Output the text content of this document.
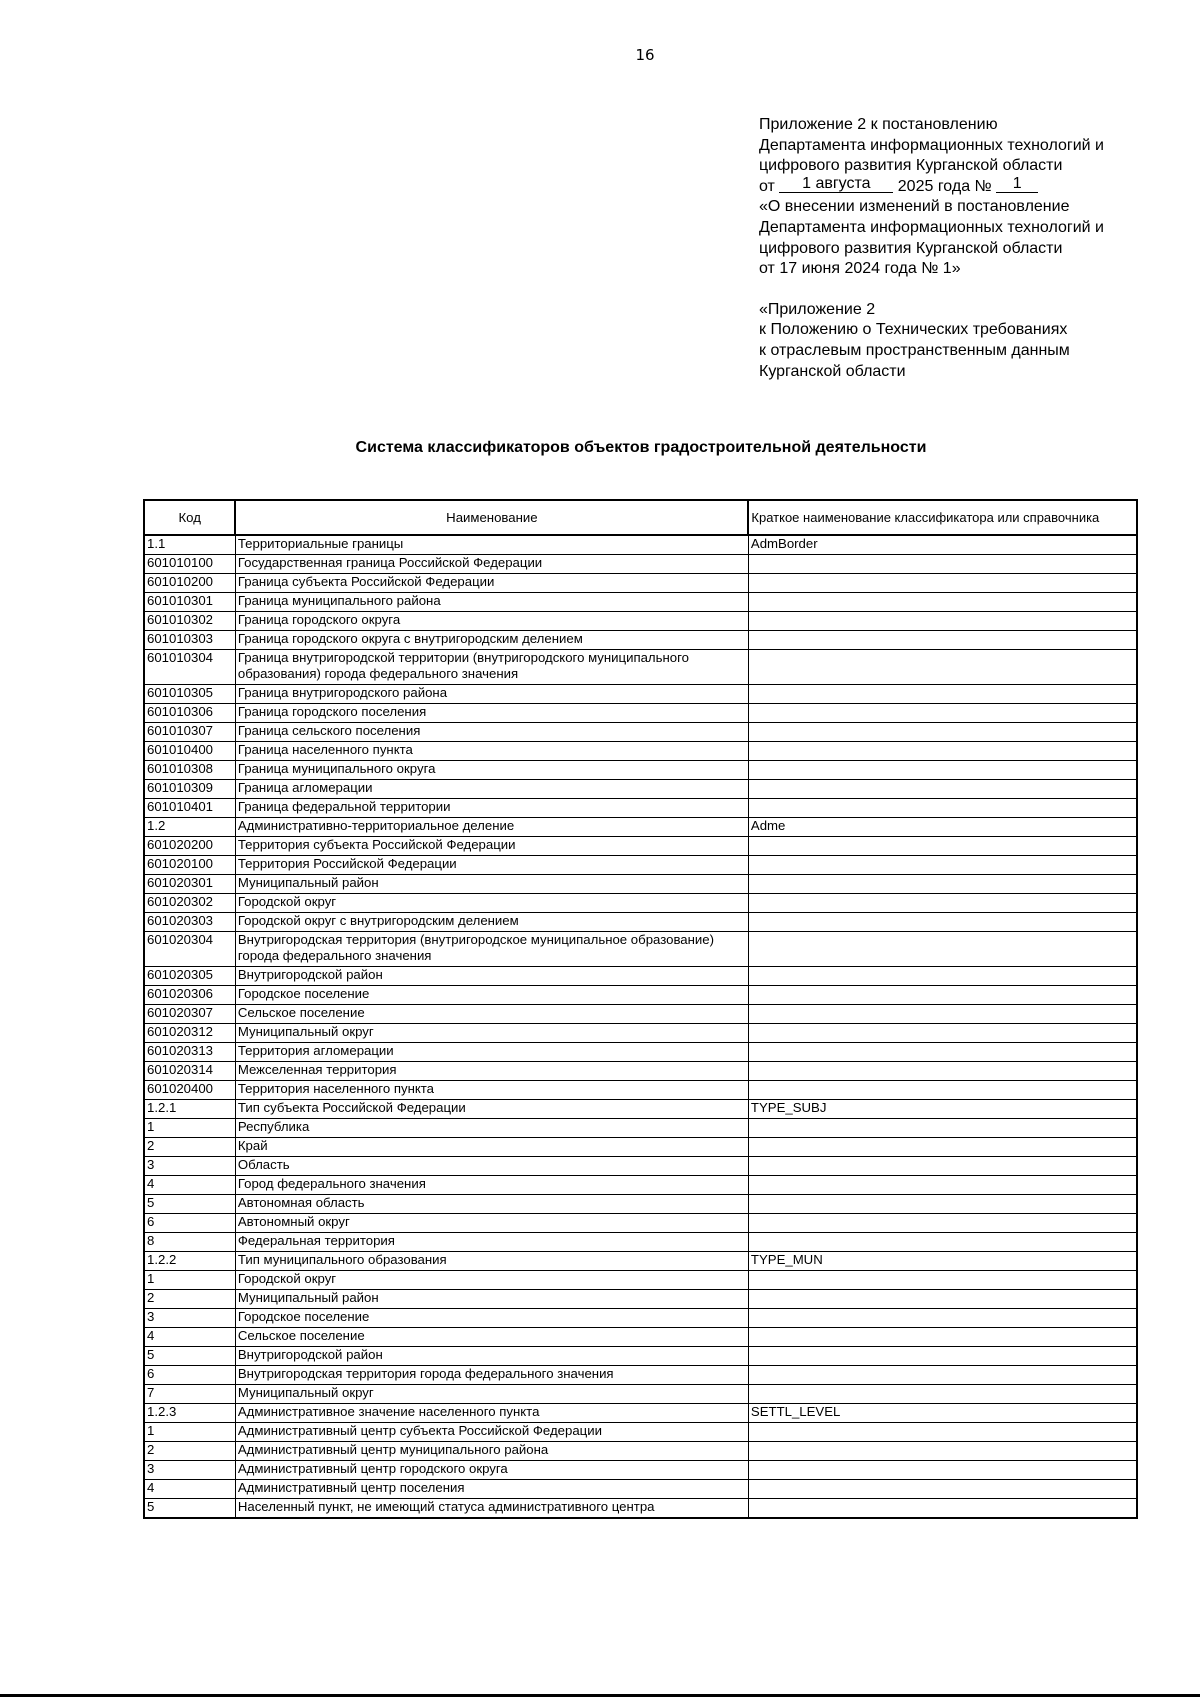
16
Приложение 2 к постановлению
Департамента информационных технологий и
цифрового развития Курганской области
от 1 августа 2025 года № 1
«О внесении изменений в постановление
Департамента информационных технологий и
цифрового развития Курганской области
от 17 июня 2024 года № 1»
«Приложение 2
к Положению о Технических требованиях
к отраслевым пространственным данным
Курганской области
Система классификаторов объектов градостроительной деятельности
Код	Наименование	Краткое наименование классификатора или справочника
1.1	Территориальные границы	AdmBorder
601010100	Государственная граница Российской Федерации	
601010200	Граница субъекта Российской Федерации	
601010301	Граница муниципального района	
601010302	Граница городского округа	
601010303	Граница городского округа с внутригородским делением	
601010304	Граница внутригородской территории (внутригородского муниципального образования) города федерального значения	
601010305	Граница внутригородского района	
601010306	Граница городского поселения	
601010307	Граница сельского поселения	
601010400	Граница населенного пункта	
601010308	Граница муниципального округа	
601010309	Граница агломерации	
601010401	Граница федеральной территории	
1.2	Административно-территориальное деление	Adme
601020200	Территория субъекта Российской Федерации	
601020100	Территория Российской Федерации	
601020301	Муниципальный район	
601020302	Городской округ	
601020303	Городской округ с внутригородским делением	
601020304	Внутригородская территория (внутригородское муниципальное образование) города федерального значения	
601020305	Внутригородской район	
601020306	Городское поселение	
601020307	Сельское поселение	
601020312	Муниципальный округ	
601020313	Территория агломерации	
601020314	Межселенная территория	
601020400	Территория населенного пункта	
1.2.1	Тип субъекта Российской Федерации	TYPE_SUBJ
1	Республика	
2	Край	
3	Область	
4	Город федерального значения	
5	Автономная область	
6	Автономный округ	
8	Федеральная территория	
1.2.2	Тип муниципального образования	TYPE_MUN
1	Городской округ	
2	Муниципальный район	
3	Городское поселение	
4	Сельское поселение	
5	Внутригородской район	
6	Внутригородская территория города федерального значения	
7	Муниципальный округ	
1.2.3	Административное значение населенного пункта	SETTL_LEVEL
1	Административный центр субъекта Российской Федерации	
2	Административный центр муниципального района	
3	Административный центр городского округа	
4	Административный центр поселения	
5	Населенный пункт, не имеющий статуса административного центра	
